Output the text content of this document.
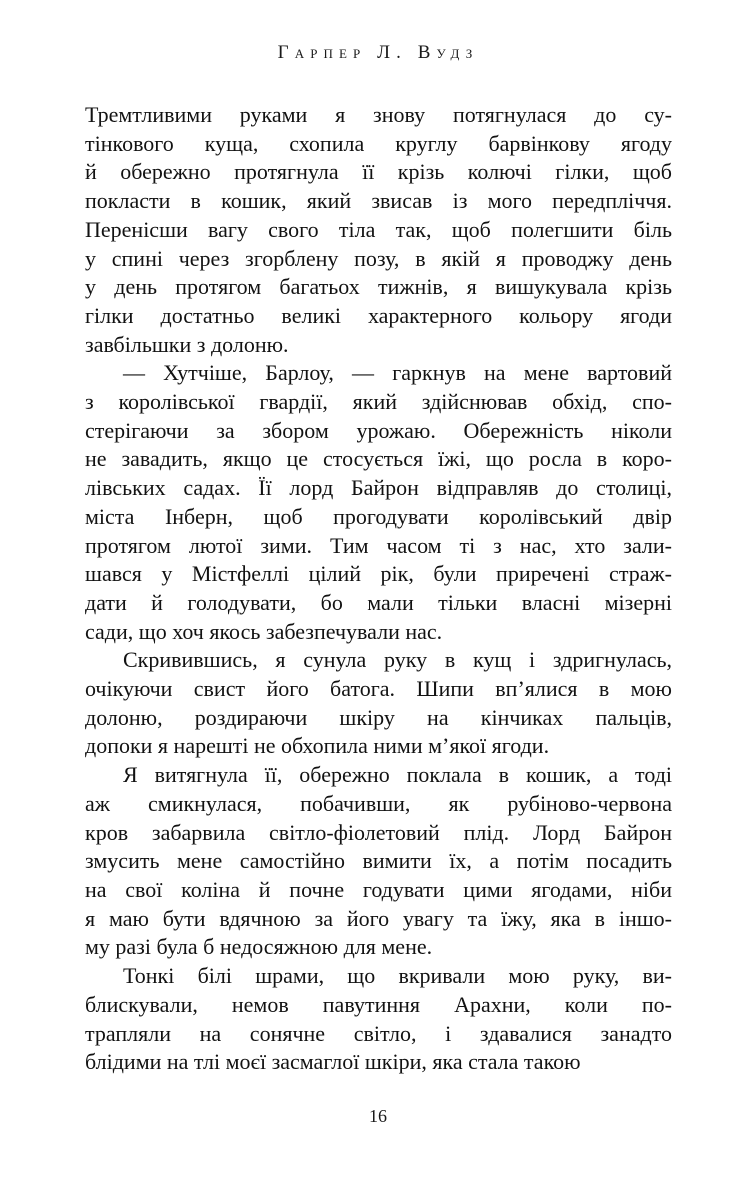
Гарпер Л. Вудз
Тремтливими руками я знову потягнулася до су-
тінкового куща, схопила круглу барвінкову ягоду
й обережно протягнула її крізь колючі гілки, щоб
покласти в кошик, який звисав із мого передпліччя.
Перенісши вагу свого тіла так, щоб полегшити біль
у спині через згорблену позу, в якій я проводжу день
у день протягом багатьох тижнів, я вишукувала крізь
гілки достатньо великі характерного кольору ягоди
завбільшки з долоню.
— Хутчіше, Барлоу, — гаркнув на мене вартовий
з королівської гвардії, який здійснював обхід, спо-
стерігаючи за збором урожаю. Обережність ніколи
не завадить, якщо це стосується їжі, що росла в коро-
лівських садах. Її лорд Байрон відправляв до столиці,
міста Інберн, щоб прогодувати королівський двір
протягом лютої зими. Тим часом ті з нас, хто зали-
шався у Містфеллі цілий рік, були приречені страж-
дати й голодувати, бо мали тільки власні мізерні
сади, що хоч якось забезпечували нас.
Скривившись, я сунула руку в кущ і здригнулась,
очікуючи свист його батога. Шипи вп’ялися в мою
долоню, роздираючи шкіру на кінчиках пальців,
допоки я нарешті не обхопила ними м’якої ягоди.
Я витягнула її, обережно поклала в кошик, а тоді
аж смикнулася, побачивши, як рубіново-червона
кров забарвила світло-фіолетовий плід. Лорд Байрон
змусить мене самостійно вимити їх, а потім посадить
на свої коліна й почне годувати цими ягодами, ніби
я маю бути вдячною за його увагу та їжу, яка в іншо-
му разі була б недосяжною для мене.
Тонкі білі шрами, що вкривали мою руку, ви-
блискували, немов павутиння Арахни, коли по-
трапляли на сонячне світло, і здавалися занадто
блідими на тлі моєї засмаглої шкіри, яка стала такою
16
